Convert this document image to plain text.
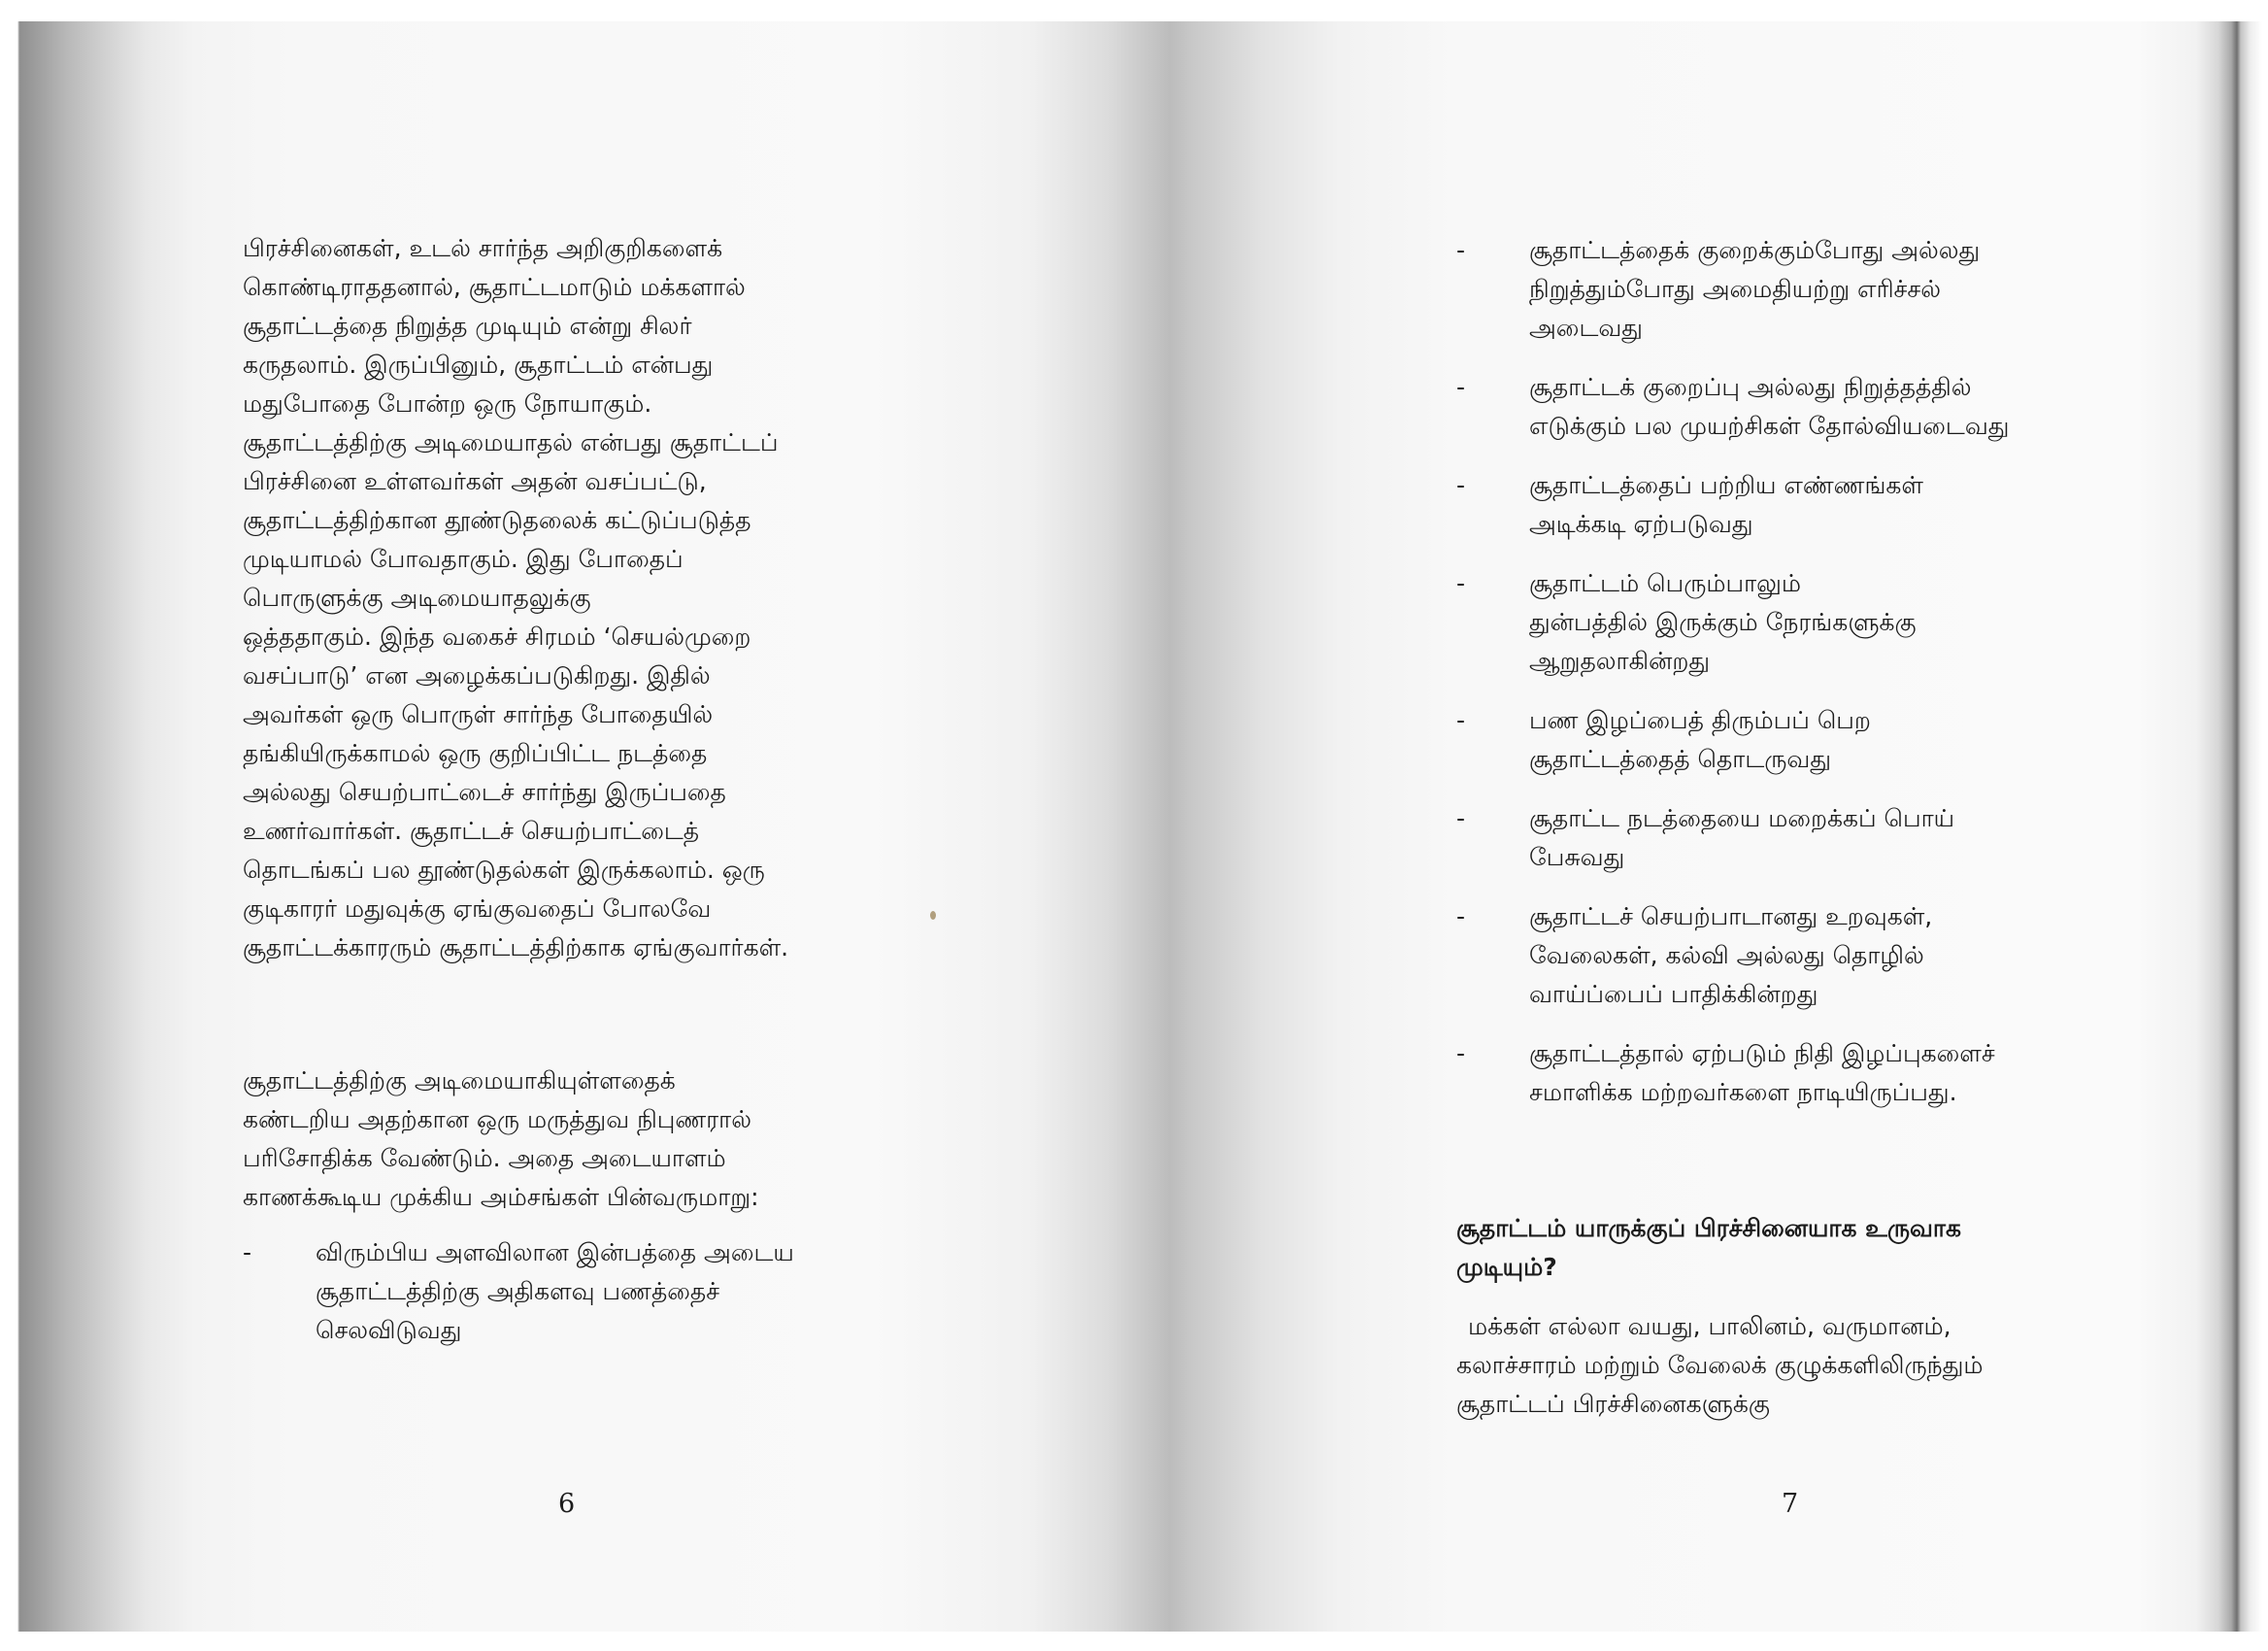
பிரச்சினைகள், உடல் சார்ந்த அறிகுறிகளைக்

கொண்டிராததனால், சூதாட்டமாடும் மக்களால்

சூதாட்டத்தை நிறுத்த முடியும் என்று சிலர்

கருதலாம். இருப்பினும், சூதாட்டம் என்பது

மதுபோதை போன்ற ஒரு நோயாகும்.

சூதாட்டத்திற்கு அடிமையாதல் என்பது சூதாட்டப்

பிரச்சினை உள்ளவர்கள் அதன் வசப்பட்டு,

சூதாட்டத்திற்கான தூண்டுதலைக் கட்டுப்படுத்த

முடியாமல் போவதாகும். இது போதைப்

பொருளுக்கு அடிமையாதலுக்கு

ஒத்ததாகும். இந்த வகைச் சிரமம் ‘செயல்முறை

வசப்பாடு’ என அழைக்கப்படுகிறது. இதில்

அவர்கள் ஒரு பொருள் சார்ந்த போதையில்

தங்கியிருக்காமல் ஒரு குறிப்பிட்ட நடத்தை

அல்லது செயற்பாட்டைச் சார்ந்து இருப்பதை

உணர்வார்கள். சூதாட்டச் செயற்பாட்டைத்

தொடங்கப் பல தூண்டுதல்கள் இருக்கலாம். ஒரு

குடிகாரர் மதுவுக்கு ஏங்குவதைப் போலவே

சூதாட்டக்காரரும் சூதாட்டத்திற்காக ஏங்குவார்கள்.

சூதாட்டத்திற்கு அடிமையாகியுள்ளதைக்

கண்டறிய அதற்கான ஒரு மருத்துவ நிபுணரால்

பரிசோதிக்க வேண்டும். அதை அடையாளம்

காணக்கூடிய முக்கிய அம்சங்கள் பின்வருமாறு:

-	விரும்பிய அளவிலான இன்பத்தை அடைய

சூதாட்டத்திற்கு அதிகளவு பணத்தைச்

செலவிடுவது

6
-	சூதாட்டத்தைக் குறைக்கும்போது அல்லது

நிறுத்தும்போது அமைதியற்று எரிச்சல்

அடைவது

-	சூதாட்டக் குறைப்பு அல்லது நிறுத்தத்தில்

எடுக்கும் பல முயற்சிகள் தோல்வியடைவது

-	சூதாட்டத்தைப் பற்றிய எண்ணங்கள்

அடிக்கடி ஏற்படுவது

-	சூதாட்டம் பெரும்பாலும்

துன்பத்தில் இருக்கும் நேரங்களுக்கு

ஆறுதலாகின்றது

-	பண இழப்பைத் திரும்பப் பெற

சூதாட்டத்தைத் தொடருவது

-	சூதாட்ட நடத்தையை மறைக்கப் பொய்

பேசுவது

-	சூதாட்டச் செயற்பாடானது உறவுகள்,

வேலைகள், கல்வி அல்லது தொழில்

வாய்ப்பைப் பாதிக்கின்றது

-	சூதாட்டத்தால் ஏற்படும் நிதி இழப்புகளைச்

சமாளிக்க மற்றவர்களை நாடியிருப்பது.

சூதாட்டம் யாருக்குப் பிரச்சினையாக உருவாக
முடியும்?

மக்கள் எல்லா வயது, பாலினம், வருமானம்,

கலாச்சாரம் மற்றும் வேலைக் குழுக்களிலிருந்தும்

சூதாட்டப் பிரச்சினைகளுக்கு

7
